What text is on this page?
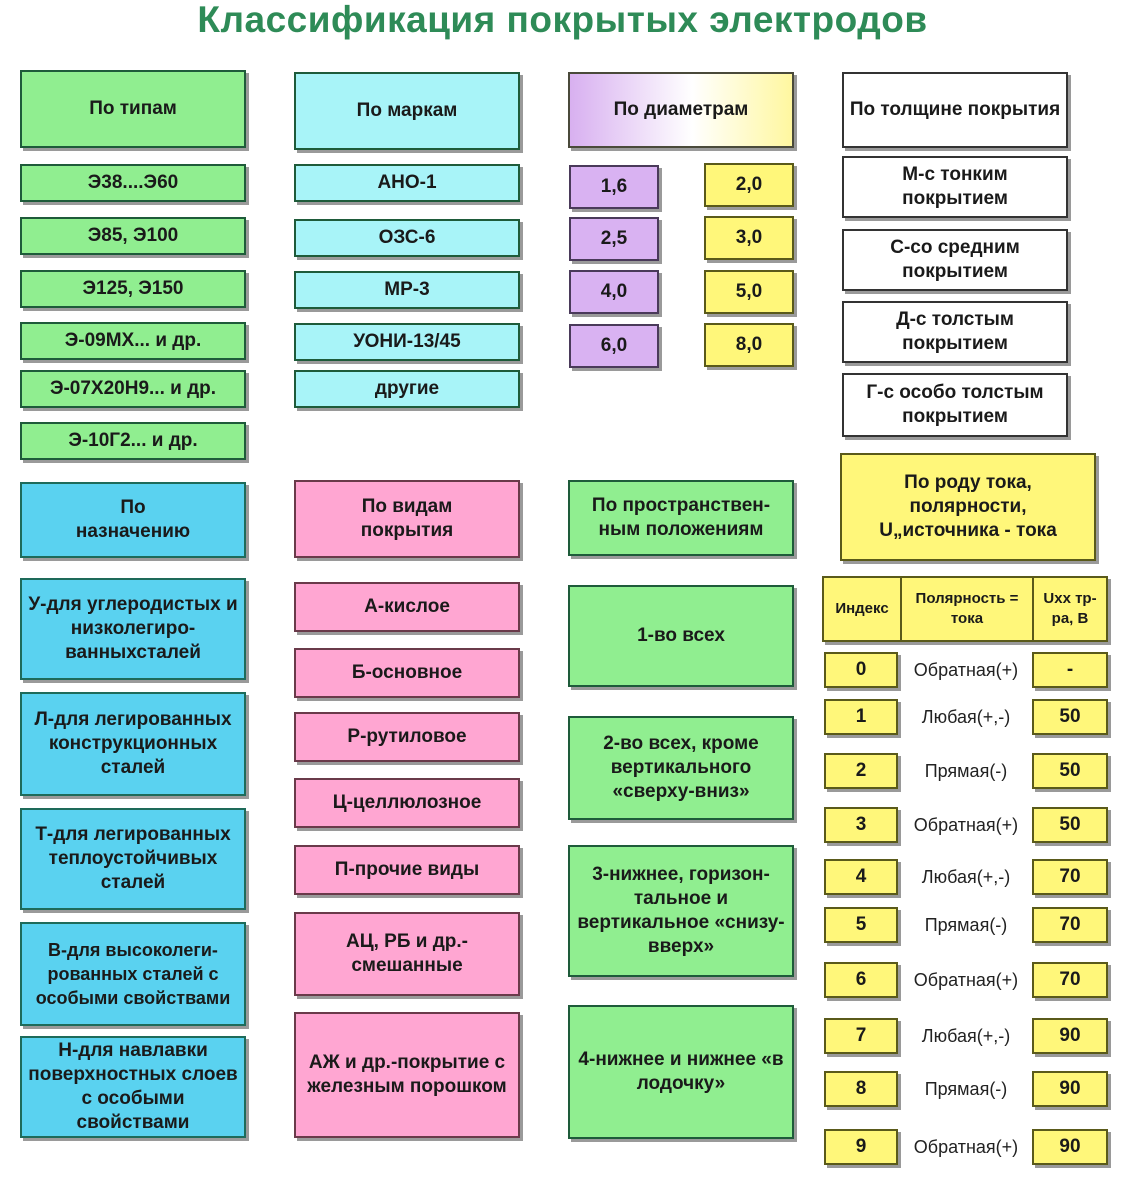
Классификация покрытых электродов
По типам
Э38....Э60
Э85, Э100
Э125, Э150
Э-09МХ... и др.
Э-07Х20Н9... и др.
Э-10Г2... и др.
По маркам
АНО-1
ОЗС-6
МР-3
УОНИ-13/45
другие
По диаметрам
1,6	2,0
2,5	3,0
4,0	5,0
6,0	8,0
По толщине покрытия
М-с тонким покрытием
С-со средним покрытием
Д-с толстым покрытием
Г-с особо толстым покрытием
По назначению
У-для углеродистых и низколегиро-ванныхсталей
Л-для легированных конструкционных сталей
Т-для легированных теплоустойчивых сталей
В-для высоколеги-рованных сталей с особыми свойствами
Н-для навлавки поверхностных слоев с особыми свойствами
По видам покрытия
А-кислое
Б-основное
Р-рутиловое
Ц-целлюлозное
П-прочие виды
АЦ, РБ и др.-смешанные
АЖ и др.-покрытие с железным порошком
По пространствен-ным положениям
1-во всех
2-во всех, кроме вертикального «сверху-вниз»
3-нижнее, горизон-тальное и вертикальное «снизу-вверх»
4-нижнее и нижнее «в лодочку»
По роду тока, полярности, U„источника - тока
Индекс
Полярность = тока
Uxx тр-ра, В
0	Обратная(+)	-
1	Любая(+,-)	50
2	Прямая(-)	50
3	Обратная(+)	50
4	Любая(+,-)	70
5	Прямая(-)	70
6	Обратная(+)	70
7	Любая(+,-)	90
8	Прямая(-)	90
9	Обратная(+)	90
